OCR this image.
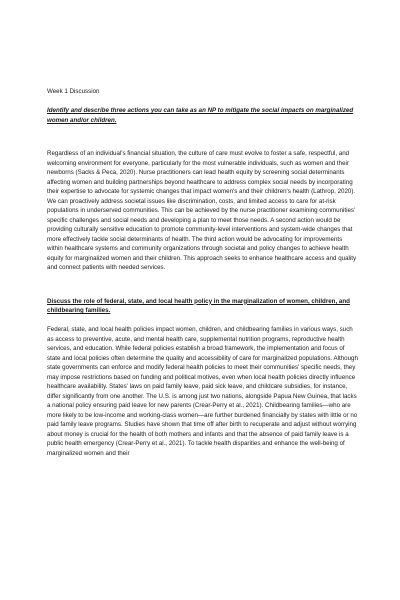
Week 1 Discussion

Identify and describe three actions you can take as an NP to mitigate the social impacts on marginalized women and/or children.

Regardless of an individual's financial situation, the culture of care must evolve to foster a safe, respectful, and welcoming environment for everyone, particularly for the most vulnerable individuals, such as women and their newborns (Sacks & Peca, 2020). Nurse practitioners can lead health equity by screening social determinants affecting women and building partnerships beyond healthcare to address complex social needs by incorporating their expertise to advocate for systemic changes that impact women's and their children's health (Lathrop, 2020). We can proactively address societal issues like discrimination, costs, and limited access to care for at-risk populations in underserved communities. This can be achieved by the nurse practitioner examining communities' specific challenges and social needs and developing a plan to meet those needs. A second action would be providing culturally sensitive education to promote community-level interventions and system-wide changes that more effectively tackle social determinants of health. The third action would be advocating for improvements within healthcare systems and community organizations through societal and policy changes to achieve health equity for marginalized women and their children. This approach seeks to enhance healthcare access and quality and connect patients with needed services.

Discuss the role of federal, state, and local health policy in the marginalization of women, children, and childbearing families.

Federal, state, and local health policies impact women, children, and childbearing families in various ways, such as access to preventive, acute, and mental health care, supplemental nutrition programs, reproductive health services, and education. While federal policies establish a broad framework, the implementation and focus of state and local policies often determine the quality and accessibility of care for marginalized populations. Although state governments can enforce and modify federal health policies to meet their communities' specific needs, they may impose restrictions based on funding and political motives, even when local health policies directly influence healthcare availability. States' laws on paid family leave, paid sick leave, and childcare subsidies, for instance, differ significantly from one another. The U.S. is among just two nations, alongside Papua New Guinea, that lacks a national policy ensuring paid leave for new parents (Crear-Perry et al., 2021). Childbearing families—who are more likely to be low-income and working-class women—are further burdened financially by states with little or no paid family leave programs. Studies have shown that time off after birth to recuperate and adjust without worrying about money is crucial for the health of both mothers and infants and that the absence of paid family leave is a public health emergency (Crear-Perry et al., 2021). To tackle health disparities and enhance the well-being of marginalized women and their
